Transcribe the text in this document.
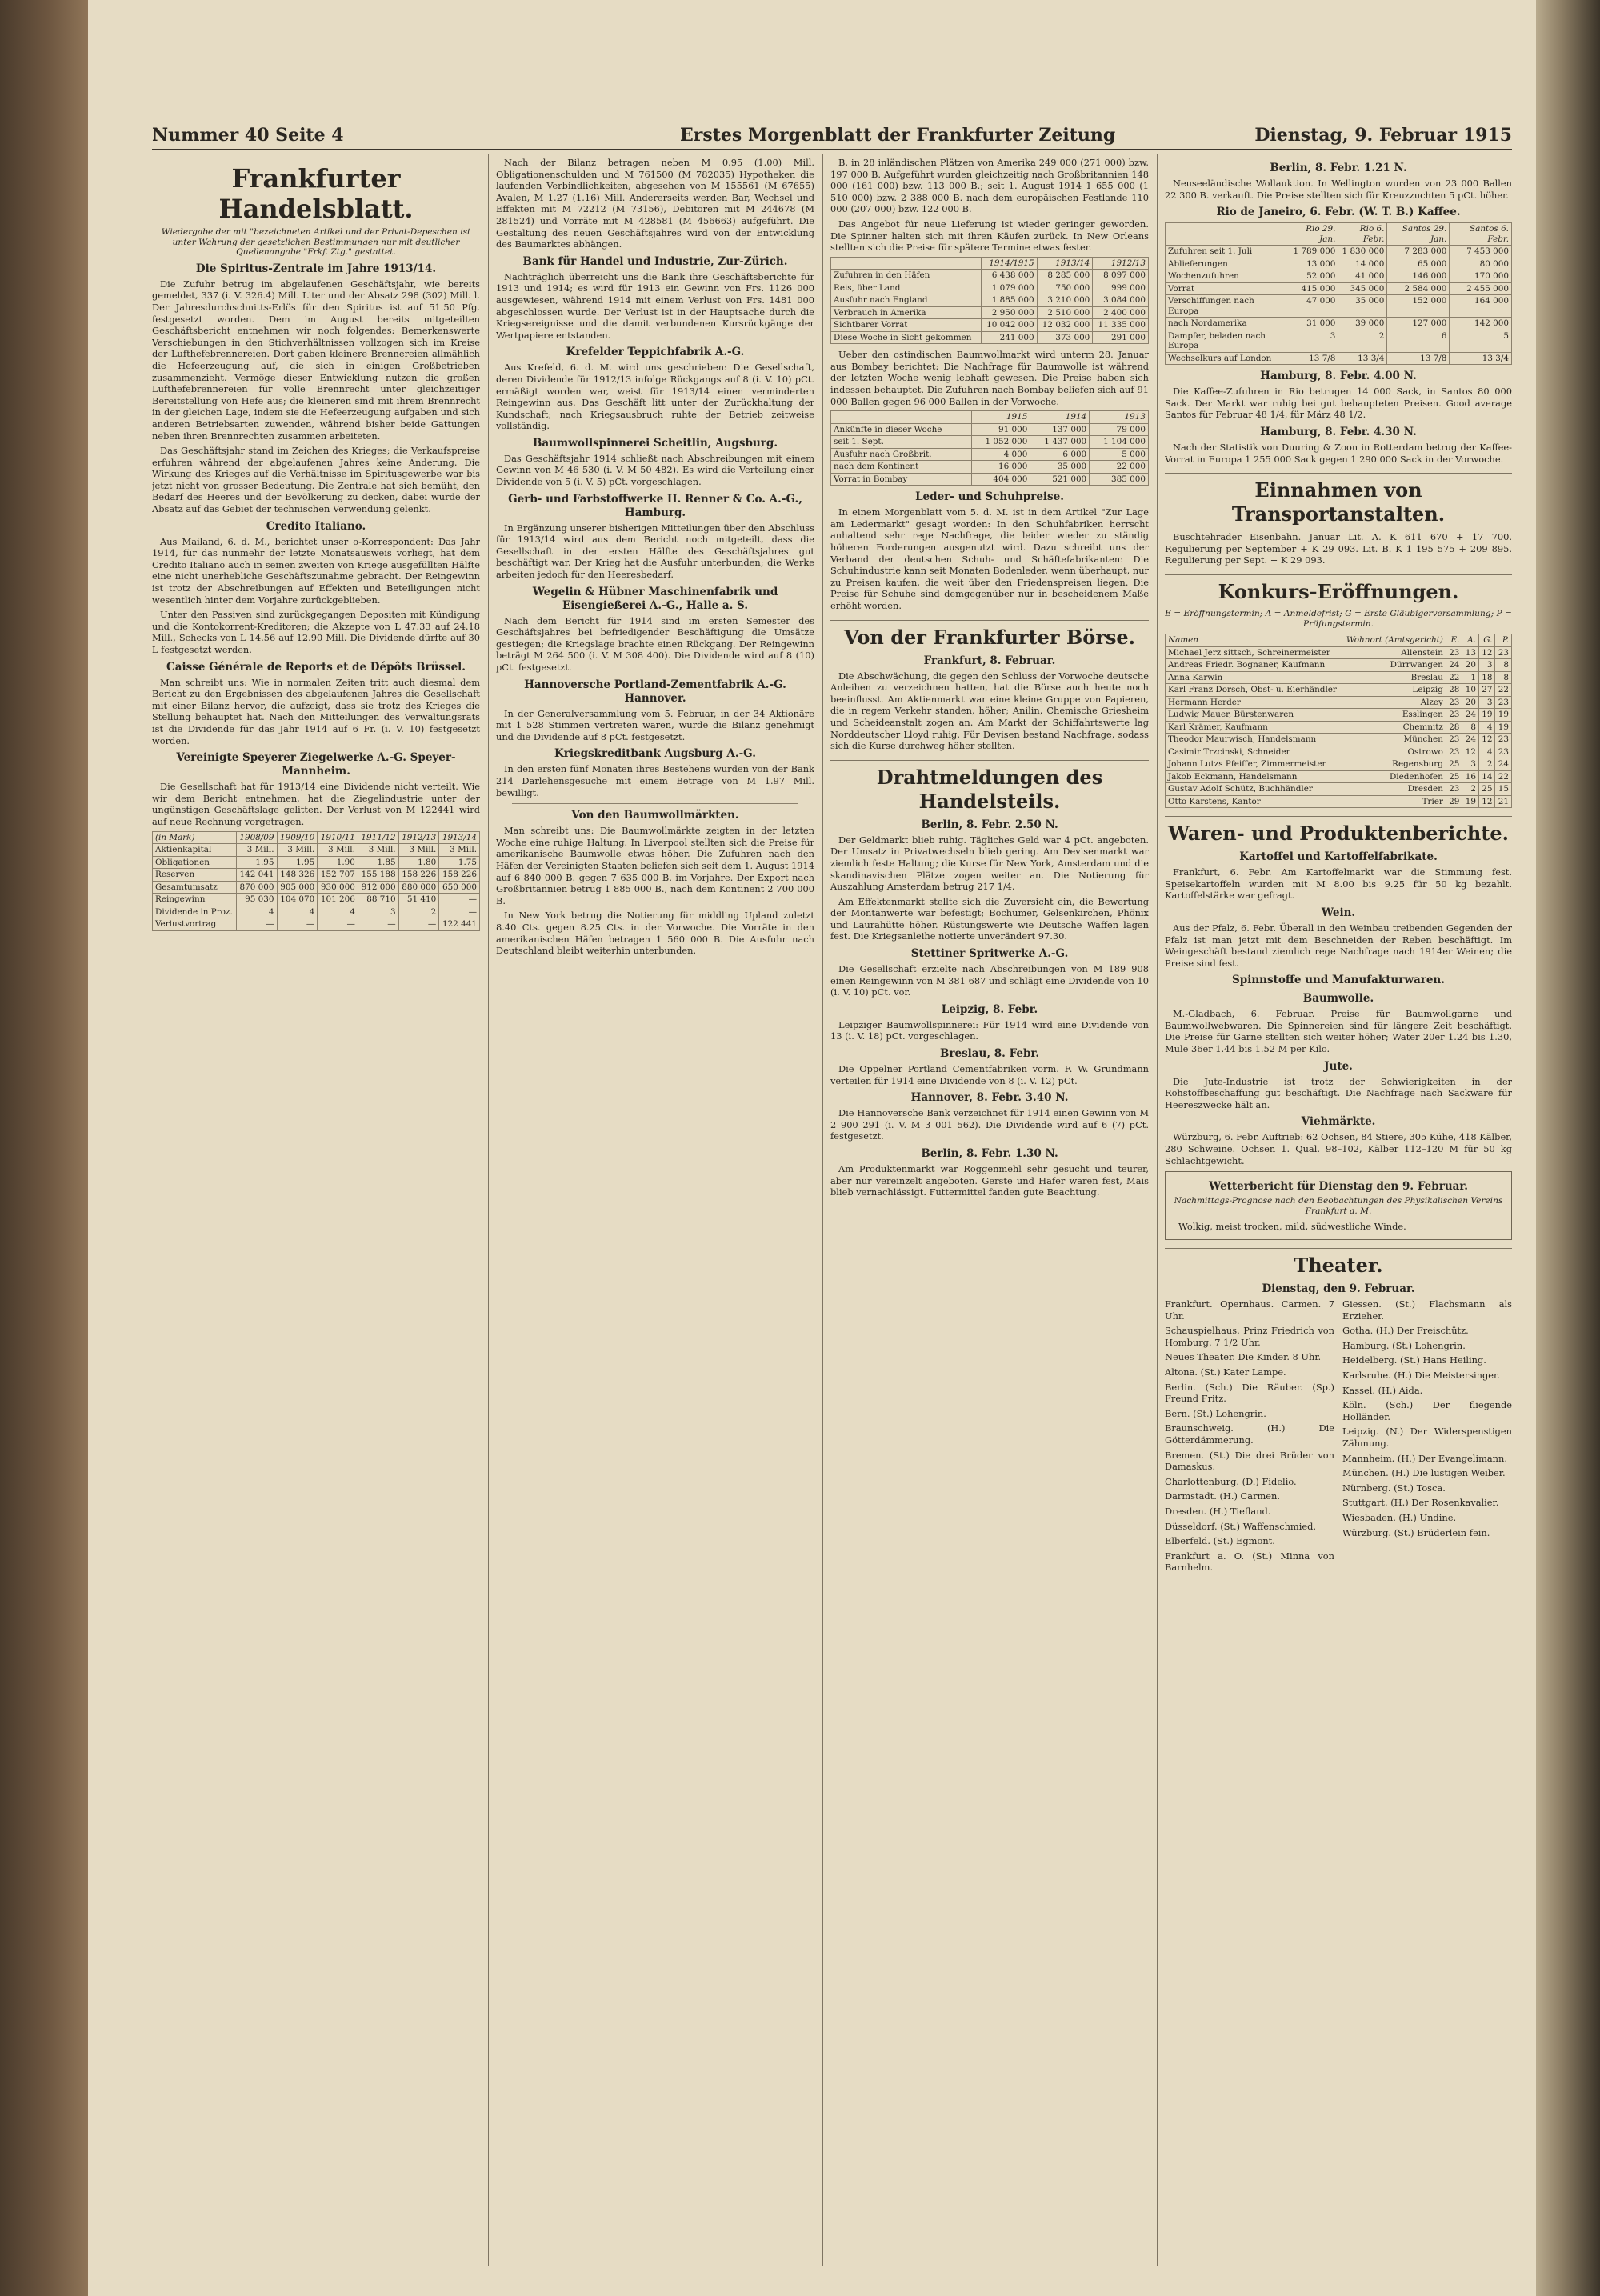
Nummer 40 Seite 4	Erstes Morgenblatt der Frankfurter Zeitung	Dienstag, 9. Februar 1915
Frankfurter Handelsblatt.
Wiedergabe der mit "bezeichneten Artikel und der Privat-Depeschen ist unter Wahrung der gesetzlichen Bestimmungen nur mit deutlicher Quellenangabe "Frkf. Ztg." gestattet.
Die Spiritus-Zentrale im Jahre 1913/14.

Die Zufuhr betrug im abgelaufenen Geschäftsjahr, wie bereits gemeldet, 337 (i. V. 326.4) Mill. Liter und der Absatz 298 (302) Mill. l. Der Jahresdurchschnitts-Erlös für den Spiritus ist auf 51.50 Pfg. festgesetzt worden. Dem im August bereits mitgeteilten Geschäftsbericht entnehmen wir noch folgendes: Bemerkenswerte Verschiebungen in den Stichverhältnissen vollzogen sich im Kreise der Lufthefebrennereien. Dort gaben kleinere Brennereien allmählich die Hefeerzeugung auf, die sich in einigen Großbetrieben zusammenzieht. Vermöge dieser Entwicklung nutzen die großen Lufthefebrennereien für volle Brennrecht unter gleichzeitiger Bereitstellung von Hefe aus; die kleineren sind mit ihrem Brennrecht in der gleichen Lage, indem sie die Hefeerzeugung aufgaben und sich anderen Betriebsarten zuwenden, während bisher beide Gattungen neben ihren Brennrechten zusammen arbeiteten.

Das Geschäftsjahr stand im Zeichen des Krieges; die Verkaufspreise erfuhren während der abgelaufenen Jahres keine Änderung. Die Wirkung des Krieges auf die Verhältnisse im Spiritusgewerbe war bis jetzt nicht von grosser Bedeutung. Die Zentrale hat sich bemüht, den Bedarf des Heeres und der Bevölkerung zu decken, dabei wurde der Absatz auf das Gebiet der technischen Verwendung gelenkt.

Credito Italiano.

Aus Mailand, 6. d. M., berichtet unser o-Korrespondent: Das Jahr 1914, für das nunmehr der letzte Monatsausweis vorliegt, hat dem Credito Italiano auch in seinen zweiten von Kriege ausgefüllten Hälfte eine nicht unerhebliche Geschäftszunahme gebracht. Der Reingewinn ist trotz der Abschreibungen auf Effekten und Beteiligungen nicht wesentlich hinter dem Vorjahre zurückgeblieben.

Unter den Passiven sind zurückgegangen Depositen mit Kündigung und die Kontokorrent-Kreditoren; die Akzepte von L 47.33 auf 24.18 Mill., Schecks von L 14.56 auf 12.90 Mill. Die Dividende dürfte auf 30 L festgesetzt werden.

Caisse Générale de Reports et de Dépôts Brüssel.

Man schreibt uns: Wie in normalen Zeiten tritt auch diesmal dem Bericht zu den Ergebnissen des abgelaufenen Jahres die Gesellschaft mit einer Bilanz hervor, die aufzeigt, dass sie trotz des Krieges die Stellung behauptet hat. Nach den Mitteilungen des Verwaltungsrats ist die Dividende für das Jahr 1914 auf 6 Fr. (i. V. 10) festgesetzt worden.

Vereinigte Speyerer Ziegelwerke A.-G. Speyer-Mannheim.

Die Gesellschaft hat für 1913/14 eine Dividende nicht verteilt. Wie wir dem Bericht entnehmen, hat die Ziegelindustrie unter der ungünstigen Geschäftslage gelitten. Der Verlust von M 122441 wird auf neue Rechnung vorgetragen.

(in Mark)	1908/09	1909/10	1910/11	1911/12	1912/13	1913/14
Aktienkapital	3 Mill.	3 Mill.	3 Mill.	3 Mill.	3 Mill.	3 Mill.
Obligationen	1.95	1.95	1.90	1.85	1.80	1.75
Reserven	142 041	148 326	152 707	155 188	158 226	158 226
Gesamtumsatz	870 000	905 000	930 000	912 000	880 000	650 000
Reingewinn	95 030	104 070	101 206	88 710	51 410	—
Dividende in Proz.	4	4	4	3	2	—
Verlustvortrag	—	—	—	—	—	122 441

Nach der Bilanz betragen neben M 0.95 (1.00) Mill. Obligationenschulden und M 761500 (M 782035) Hypotheken die laufenden Verbindlichkeiten, abgesehen von M 155561 (M 67655) Avalen, M 1.27 (1.16) Mill. Andererseits werden Bar, Wechsel und Effekten mit M 72212 (M 73156), Debitoren mit M 244678 (M 281524) und Vorräte mit M 428581 (M 456663) aufgeführt. Die Gestaltung des neuen Geschäftsjahres wird von der Entwicklung des Baumarktes abhängen.

Bank für Handel und Industrie, Zur-Zürich.

Nachträglich überreicht uns die Bank ihre Geschäftsberichte für 1913 und 1914; es wird für 1913 ein Gewinn von Frs. 1126 000 ausgewiesen, während 1914 mit einem Verlust von Frs. 1481 000 abgeschlossen wurde. Der Verlust ist in der Hauptsache durch die Kriegsereignisse und die damit verbundenen Kursrückgänge der Wertpapiere entstanden.

Krefelder Teppichfabrik A.-G.

Aus Krefeld, 6. d. M. wird uns geschrieben: Die Gesellschaft, deren Dividende für 1912/13 infolge Rückgangs auf 8 (i. V. 10) pCt. ermäßigt worden war, weist für 1913/14 einen verminderten Reingewinn aus. Das Geschäft litt unter der Zurückhaltung der Kundschaft; nach Kriegsausbruch ruhte der Betrieb zeitweise vollständig.

Baumwollspinnerei Scheitlin, Augsburg.

Das Geschäftsjahr 1914 schließt nach Abschreibungen mit einem Gewinn von M 46 530 (i. V. M 50 482). Es wird die Verteilung einer Dividende von 5 (i. V. 5) pCt. vorgeschlagen.

Gerb- und Farbstoffwerke H. Renner & Co. A.-G., Hamburg.

In Ergänzung unserer bisherigen Mitteilungen über den Abschluss für 1913/14 wird aus dem Bericht noch mitgeteilt, dass die Gesellschaft in der ersten Hälfte des Geschäftsjahres gut beschäftigt war. Der Krieg hat die Ausfuhr unterbunden; die Werke arbeiten jedoch für den Heeresbedarf.

Wegelin & Hübner Maschinenfabrik und Eisengießerei A.-G., Halle a. S.

Nach dem Bericht für 1914 sind im ersten Semester des Geschäftsjahres bei befriedigender Beschäftigung die Umsätze gestiegen; die Kriegslage brachte einen Rückgang. Der Reingewinn beträgt M 264 500 (i. V. M 308 400). Die Dividende wird auf 8 (10) pCt. festgesetzt.

Hannoversche Portland-Zementfabrik A.-G. Hannover.

In der Generalversammlung vom 5. Februar, in der 34 Aktionäre mit 1 528 Stimmen vertreten waren, wurde die Bilanz genehmigt und die Dividende auf 8 pCt. festgesetzt.

Kriegskreditbank Augsburg A.-G.

In den ersten fünf Monaten ihres Bestehens wurden von der Bank 214 Darlehensgesuche mit einem Betrage von M 1.97 Mill. bewilligt.

Von den Baumwollmärkten.

Man schreibt uns: Die Baumwollmärkte zeigten in der letzten Woche eine ruhige Haltung. In Liverpool stellten sich die Preise für amerikanische Baumwolle etwas höher. Die Zufuhren nach den Häfen der Vereinigten Staaten beliefen sich seit dem 1. August 1914 auf 6 840 000 B. gegen 7 635 000 B. im Vorjahre. Der Export nach Großbritannien betrug 1 885 000 B., nach dem Kontinent 2 700 000 B.

In New York betrug die Notierung für middling Upland zuletzt 8.40 Cts. gegen 8.25 Cts. in der Vorwoche. Die Vorräte in den amerikanischen Häfen betragen 1 560 000 B. Die Ausfuhr nach Deutschland bleibt weiterhin unterbunden.

B. in 28 inländischen Plätzen von Amerika 249 000 (271 000) bzw. 197 000 B. Aufgeführt wurden gleichzeitig nach Großbritannien 148 000 (161 000) bzw. 113 000 B.; seit 1. August 1914 1 655 000 (1 510 000) bzw. 2 388 000 B. nach dem europäischen Festlande 110 000 (207 000) bzw. 122 000 B.

Das Angebot für neue Lieferung ist wieder geringer geworden. Die Spinner halten sich mit ihren Käufen zurück. In New Orleans stellten sich die Preise für spätere Termine etwas fester.

	1914/1915	1913/14	1912/13
Zufuhren in den Häfen	6 438 000	8 285 000	8 097 000
Reis, über Land	1 079 000	750 000	999 000
Ausfuhr nach England	1 885 000	3 210 000	3 084 000
Verbrauch in Amerika	2 950 000	2 510 000	2 400 000
Sichtbarer Vorrat	10 042 000	12 032 000	11 335 000
Diese Woche in Sicht gekommen	241 000	373 000	291 000

Ueber den ostindischen Baumwollmarkt wird unterm 28. Januar aus Bombay berichtet: Die Nachfrage für Baumwolle ist während der letzten Woche wenig lebhaft gewesen. Die Preise haben sich indessen behauptet. Die Zufuhren nach Bombay beliefen sich auf 91 000 Ballen gegen 96 000 Ballen in der Vorwoche.

	1915	1914	1913
Ankünfte in dieser Woche	91 000	137 000	79 000
seit 1. Sept.	1 052 000	1 437 000	1 104 000
Ausfuhr nach Großbrit.	4 000	6 000	5 000
nach dem Kontinent	16 000	35 000	22 000
Vorrat in Bombay	404 000	521 000	385 000
Leder- und Schuhpreise.

In einem Morgenblatt vom 5. d. M. ist in dem Artikel "Zur Lage am Ledermarkt" gesagt worden: In den Schuhfabriken herrscht anhaltend sehr rege Nachfrage, die leider wieder zu ständig höheren Forderungen ausgenutzt wird. Dazu schreibt uns der Verband der deutschen Schuh- und Schäftefabrikanten: Die Schuhindustrie kann seit Monaten Bodenleder, wenn überhaupt, nur zu Preisen kaufen, die weit über den Friedenspreisen liegen. Die Preise für Schuhe sind demgegenüber nur in bescheidenem Maße erhöht worden.

Von der Frankfurter Börse.
Frankfurt, 8. Februar.

Die Abschwächung, die gegen den Schluss der Vorwoche deutsche Anleihen zu verzeichnen hatten, hat die Börse auch heute noch beeinflusst. Am Aktienmarkt war eine kleine Gruppe von Papieren, die in regem Verkehr standen, höher; Anilin, Chemische Griesheim und Scheideanstalt zogen an. Am Markt der Schiffahrtswerte lag Norddeutscher Lloyd ruhig. Für Devisen bestand Nachfrage, sodass sich die Kurse durchweg höher stellten.

Drahtmeldungen des Handelsteils.
Berlin, 8. Febr. 2.50 N.

Der Geldmarkt blieb ruhig. Tägliches Geld war 4 pCt. angeboten. Der Umsatz in Privatwechseln blieb gering. Am Devisenmarkt war ziemlich feste Haltung; die Kurse für New York, Amsterdam und die skandinavischen Plätze zogen weiter an. Die Notierung für Auszahlung Amsterdam betrug 217 1/4.

Am Effektenmarkt stellte sich die Zuversicht ein, die Bewertung der Montanwerte war befestigt; Bochumer, Gelsenkirchen, Phönix und Laurahütte höher. Rüstungswerte wie Deutsche Waffen lagen fest. Die Kriegsanleihe notierte unverändert 97.30.

Stettiner Spritwerke A.-G.

Die Gesellschaft erzielte nach Abschreibungen von M 189 908 einen Reingewinn von M 381 687 und schlägt eine Dividende von 10 (i. V. 10) pCt. vor.

Leipzig, 8. Febr.

Leipziger Baumwollspinnerei: Für 1914 wird eine Dividende von 13 (i. V. 18) pCt. vorgeschlagen.

Breslau, 8. Febr.

Die Oppelner Portland Cementfabriken vorm. F. W. Grundmann verteilen für 1914 eine Dividende von 8 (i. V. 12) pCt.

Hannover, 8. Febr. 3.40 N.

Die Hannoversche Bank verzeichnet für 1914 einen Gewinn von M 2 900 291 (i. V. M 3 001 562). Die Dividende wird auf 6 (7) pCt. festgesetzt.

Berlin, 8. Febr. 1.30 N.

Am Produktenmarkt war Roggenmehl sehr gesucht und teurer, aber nur vereinzelt angeboten. Gerste und Hafer waren fest, Mais blieb vernachlässigt. Futtermittel fanden gute Beachtung.

Berlin, 8. Febr. 1.21 N.

Neuseeländische Wollauktion. In Wellington wurden von 23 000 Ballen 22 300 B. verkauft. Die Preise stellten sich für Kreuzzuchten 5 pCt. höher.

Rio de Janeiro, 6. Febr. (W. T. B.) Kaffee.
	Rio 29. Jan.	Rio 6. Febr.	Santos 29. Jan.	Santos 6. Febr.
Zufuhren seit 1. Juli	1 789 000	1 830 000	7 283 000	7 453 000
Ablieferungen	13 000	14 000	65 000	80 000
Wochenzufuhren	52 000	41 000	146 000	170 000
Vorrat	415 000	345 000	2 584 000	2 455 000
Verschiffungen nach Europa	47 000	35 000	152 000	164 000
nach Nordamerika	31 000	39 000	127 000	142 000
Dampfer, beladen nach Europa	3	2	6	5
Wechselkurs auf London	13 7/8	13 3/4	13 7/8	13 3/4
Hamburg, 8. Febr. 4.00 N.

Die Kaffee-Zufuhren in Rio betrugen 14 000 Sack, in Santos 80 000 Sack. Der Markt war ruhig bei gut behaupteten Preisen. Good average Santos für Februar 48 1/4, für März 48 1/2.

Hamburg, 8. Febr. 4.30 N.

Nach der Statistik von Duuring & Zoon in Rotterdam betrug der Kaffee-Vorrat in Europa 1 255 000 Sack gegen 1 290 000 Sack in der Vorwoche.

Einnahmen von Transportanstalten.

Buschtehrader Eisenbahn. Januar Lit. A. K 611 670 + 17 700. Regulierung per September + K 29 093. Lit. B. K 1 195 575 + 209 895. Regulierung per Sept. + K 29 093.

Konkurs-Eröffnungen.
E = Eröffnungstermin; A = Anmeldefrist; G = Erste Gläubigerversammlung; P = Prüfungstermin.
Namen	Wohnort (Amtsgericht)	E.	A.	G.	P.
Michael Jerz sittsch, Schreinermeister	Allenstein	23	13	12	23
Andreas Friedr. Bognaner, Kaufmann	Dürrwangen	24	20	3	8
Anna Karwin	Breslau	22	1	18	8
Karl Franz Dorsch, Obst- u. Eierhändler	Leipzig	28	10	27	22
Hermann Herder	Alzey	23	20	3	23
Ludwig Mauer, Bürstenwaren	Esslingen	23	24	19	19
Karl Krämer, Kaufmann	Chemnitz	28	8	4	19
Theodor Maurwisch, Handelsmann	München	23	24	12	23
Casimir Trzcinski, Schneider	Ostrowo	23	12	4	23
Johann Lutzs Pfeiffer, Zimmermeister	Regensburg	25	3	2	24
Jakob Eckmann, Handelsmann	Diedenhofen	25	16	14	22
Gustav Adolf Schütz, Buchhändler	Dresden	23	2	25	15
Otto Karstens, Kantor	Trier	29	19	12	21
Waren- und Produktenberichte.
Kartoffel und Kartoffelfabrikate.

Frankfurt, 6. Febr. Am Kartoffelmarkt war die Stimmung fest. Speisekartoffeln wurden mit M 8.00 bis 9.25 für 50 kg bezahlt. Kartoffelstärke war gefragt.

Wein.

Aus der Pfalz, 6. Febr. Überall in den Weinbau treibenden Gegenden der Pfalz ist man jetzt mit dem Beschneiden der Reben beschäftigt. Im Weingeschäft bestand ziemlich rege Nachfrage nach 1914er Weinen; die Preise sind fest.

Spinnstoffe und Manufakturwaren.
Baumwolle.

M.-Gladbach, 6. Februar. Preise für Baumwollgarne und Baumwollwebwaren. Die Spinnereien sind für längere Zeit beschäftigt. Die Preise für Garne stellten sich weiter höher; Water 20er 1.24 bis 1.30, Mule 36er 1.44 bis 1.52 M per Kilo.

Jute.

Die Jute-Industrie ist trotz der Schwierigkeiten in der Rohstoffbeschaffung gut beschäftigt. Die Nachfrage nach Sackware für Heereszwecke hält an.

Viehmärkte.

Würzburg, 6. Febr. Auftrieb: 62 Ochsen, 84 Stiere, 305 Kühe, 418 Kälber, 280 Schweine. Ochsen 1. Qual. 98–102, Kälber 112–120 M für 50 kg Schlachtgewicht.

Wetterbericht für Dienstag den 9. Februar.
Nachmittags-Prognose nach den Beobachtungen des Physikalischen Vereins Frankfurt a. M.

Wolkig, meist trocken, mild, südwestliche Winde.

Theater.
Dienstag, den 9. Februar.

Frankfurt. Opernhaus. Carmen. 7 Uhr.

Schauspielhaus. Prinz Friedrich von Homburg. 7 1/2 Uhr.

Neues Theater. Die Kinder. 8 Uhr.

Altona. (St.) Kater Lampe.

Berlin. (Sch.) Die Räuber. (Sp.) Freund Fritz.

Bern. (St.) Lohengrin.

Braunschweig. (H.) Die Götterdämmerung.

Bremen. (St.) Die drei Brüder von Damaskus.

Charlottenburg. (D.) Fidelio.

Darmstadt. (H.) Carmen.

Dresden. (H.) Tiefland.

Düsseldorf. (St.) Waffenschmied.

Elberfeld. (St.) Egmont.

Frankfurt a. O. (St.) Minna von Barnhelm.

Giessen. (St.) Flachsmann als Erzieher.

Gotha. (H.) Der Freischütz.

Hamburg. (St.) Lohengrin.

Heidelberg. (St.) Hans Heiling.

Karlsruhe. (H.) Die Meistersinger.

Kassel. (H.) Aida.

Köln. (Sch.) Der fliegende Holländer.

Leipzig. (N.) Der Widerspenstigen Zähmung.

Mannheim. (H.) Der Evangelimann.

München. (H.) Die lustigen Weiber.

Nürnberg. (St.) Tosca.

Stuttgart. (H.) Der Rosenkavalier.

Wiesbaden. (H.) Undine.

Würzburg. (St.) Brüderlein fein.
